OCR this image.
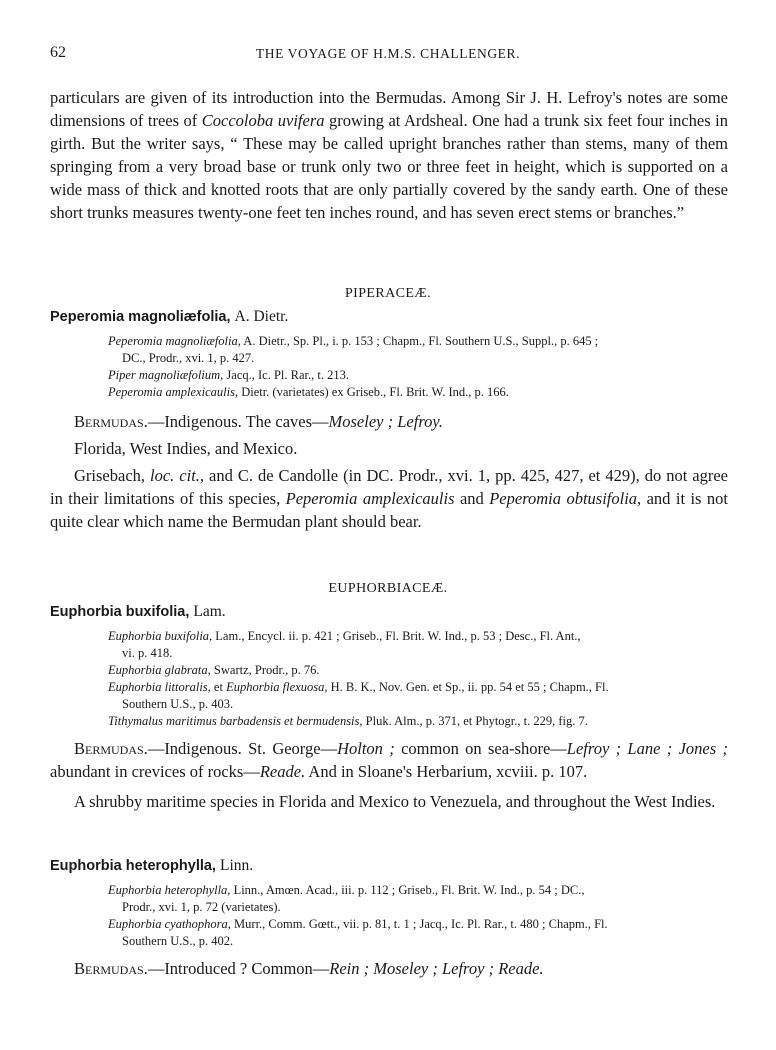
62	THE VOYAGE OF H.M.S. CHALLENGER.
particulars are given of its introduction into the Bermudas. Among Sir J. H. Lefroy's notes are some dimensions of trees of Coccoloba uvifera growing at Ardsheal. One had a trunk six feet four inches in girth. But the writer says, “ These may be called upright branches rather than stems, many of them springing from a very broad base or trunk only two or three feet in height, which is supported on a wide mass of thick and knotted roots that are only partially covered by the sandy earth. One of these short trunks measures twenty-one feet ten inches round, and has seven erect stems or branches.”
PIPERACEÆ.
Peperomia magnoliæfolia, A. Dietr.
Peperomia magnoliæfolia, A. Dietr., Sp. Pl., i. p. 153 ; Chapm., Fl. Southern U.S., Suppl., p. 645 ;
DC., Prodr., xvi. 1, p. 427.
Piper magnoliæfolium, Jacq., Ic. Pl. Rar., t. 213.
Peperomia amplexicaulis, Dietr. (varietates) ex Griseb., Fl. Brit. W. Ind., p. 166.
Bermudas.—Indigenous. The caves—Moseley ; Lefroy.
Florida, West Indies, and Mexico.
Grisebach, loc. cit., and C. de Candolle (in DC. Prodr., xvi. 1, pp. 425, 427, et 429), do not agree in their limitations of this species, Peperomia amplexicaulis and Peperomia obtusifolia, and it is not quite clear which name the Bermudan plant should bear.
EUPHORBIACEÆ.
Euphorbia buxifolia, Lam.
Euphorbia buxifolia, Lam., Encycl. ii. p. 421 ; Griseb., Fl. Brit. W. Ind., p. 53 ; Desc., Fl. Ant.,
vi. p. 418.
Euphorbia glabrata, Swartz, Prodr., p. 76.
Euphorbia littoralis, et Euphorbia flexuosa, H. B. K., Nov. Gen. et Sp., ii. pp. 54 et 55 ; Chapm., Fl.
Southern U.S., p. 403.
Tithymalus maritimus barbadensis et bermudensis, Pluk. Alm., p. 371, et Phytogr., t. 229, fig. 7.
Bermudas.—Indigenous. St. George—Holton ; common on sea-shore—Lefroy ; Lane ; Jones ; abundant in crevices of rocks—Reade. And in Sloane's Herbarium, xcviii. p. 107.
A shrubby maritime species in Florida and Mexico to Venezuela, and throughout the West Indies.
Euphorbia heterophylla, Linn.
Euphorbia heterophylla, Linn., Amœn. Acad., iii. p. 112 ; Griseb., Fl. Brit. W. Ind., p. 54 ; DC.,
Prodr., xvi. 1, p. 72 (varietates).
Euphorbia cyathophora, Murr., Comm. Gœtt., vii. p. 81, t. 1 ; Jacq., Ic. Pl. Rar., t. 480 ; Chapm., Fl.
Southern U.S., p. 402.
Bermudas.—Introduced ? Common—Rein ; Moseley ; Lefroy ; Reade.
